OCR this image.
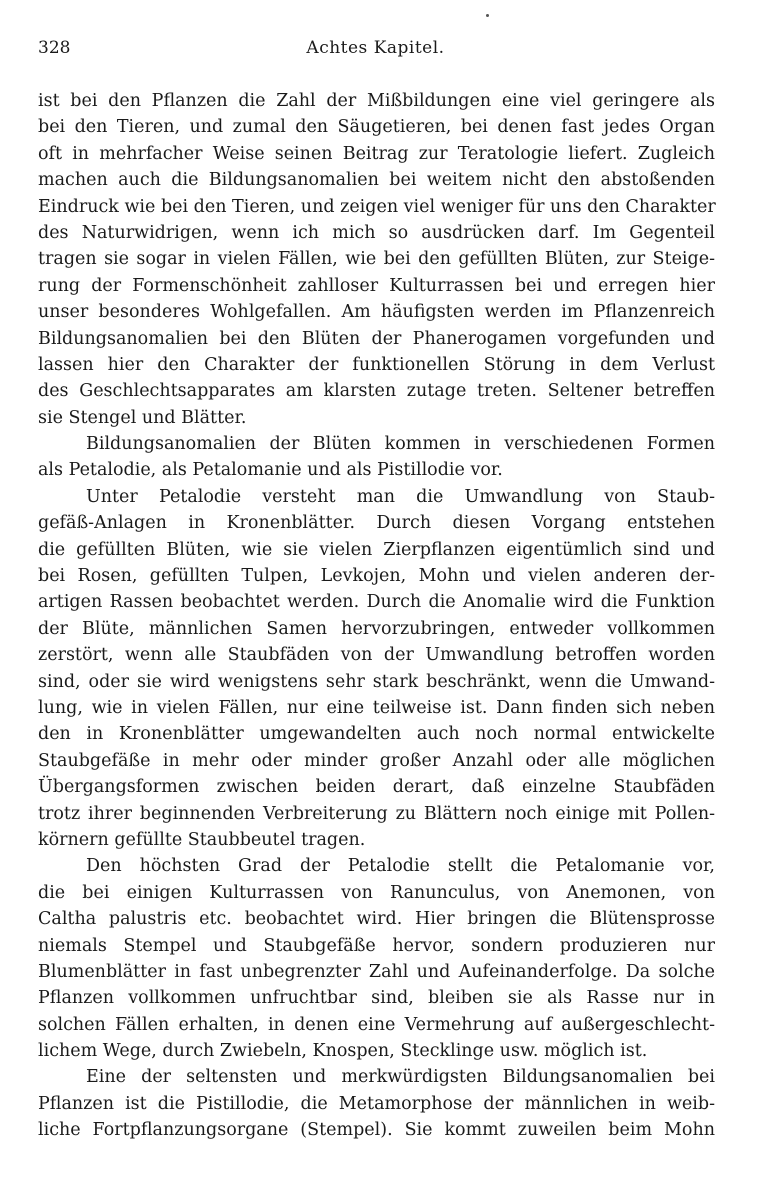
328	Achtes Kapitel.
ist bei den Pflanzen die Zahl der Mißbildungen eine viel geringere als
bei den Tieren, und zumal den Säugetieren, bei denen fast jedes Organ
oft in mehrfacher Weise seinen Beitrag zur Teratologie liefert. Zugleich
machen auch die Bildungsanomalien bei weitem nicht den abstoßenden
Eindruck wie bei den Tieren, und zeigen viel weniger für uns den Charakter
des Naturwidrigen, wenn ich mich so ausdrücken darf. Im Gegenteil
tragen sie sogar in vielen Fällen, wie bei den gefüllten Blüten, zur Steige-
rung der Formenschönheit zahlloser Kulturrassen bei und erregen hier
unser besonderes Wohlgefallen. Am häufigsten werden im Pflanzenreich
Bildungsanomalien bei den Blüten der Phanerogamen vorgefunden und
lassen hier den Charakter der funktionellen Störung in dem Verlust
des Geschlechtsapparates am klarsten zutage treten. Seltener betreffen
sie Stengel und Blätter.
Bildungsanomalien der Blüten kommen in verschiedenen Formen
als Petalodie, als Petalomanie und als Pistillodie vor.
Unter Petalodie versteht man die Umwandlung von Staub-
gefäß-Anlagen in Kronenblätter. Durch diesen Vorgang entstehen
die gefüllten Blüten, wie sie vielen Zierpflanzen eigentümlich sind und
bei Rosen, gefüllten Tulpen, Levkojen, Mohn und vielen anderen der-
artigen Rassen beobachtet werden. Durch die Anomalie wird die Funktion
der Blüte, männlichen Samen hervorzubringen, entweder vollkommen
zerstört, wenn alle Staubfäden von der Umwandlung betroffen worden
sind, oder sie wird wenigstens sehr stark beschränkt, wenn die Umwand-
lung, wie in vielen Fällen, nur eine teilweise ist. Dann finden sich neben
den in Kronenblätter umgewandelten auch noch normal entwickelte
Staubgefäße in mehr oder minder großer Anzahl oder alle möglichen
Übergangsformen zwischen beiden derart, daß einzelne Staubfäden
trotz ihrer beginnenden Verbreiterung zu Blättern noch einige mit Pollen-
körnern gefüllte Staubbeutel tragen.
Den höchsten Grad der Petalodie stellt die Petalomanie vor,
die bei einigen Kulturrassen von Ranunculus, von Anemonen, von
Caltha palustris etc. beobachtet wird. Hier bringen die Blütensprosse
niemals Stempel und Staubgefäße hervor, sondern produzieren nur
Blumenblätter in fast unbegrenzter Zahl und Aufeinanderfolge. Da solche
Pflanzen vollkommen unfruchtbar sind, bleiben sie als Rasse nur in
solchen Fällen erhalten, in denen eine Vermehrung auf außergeschlecht-
lichem Wege, durch Zwiebeln, Knospen, Stecklinge usw. möglich ist.
Eine der seltensten und merkwürdigsten Bildungsanomalien bei
Pflanzen ist die Pistillodie, die Metamorphose der männlichen in weib-
liche Fortpflanzungsorgane (Stempel). Sie kommt zuweilen beim Mohn
